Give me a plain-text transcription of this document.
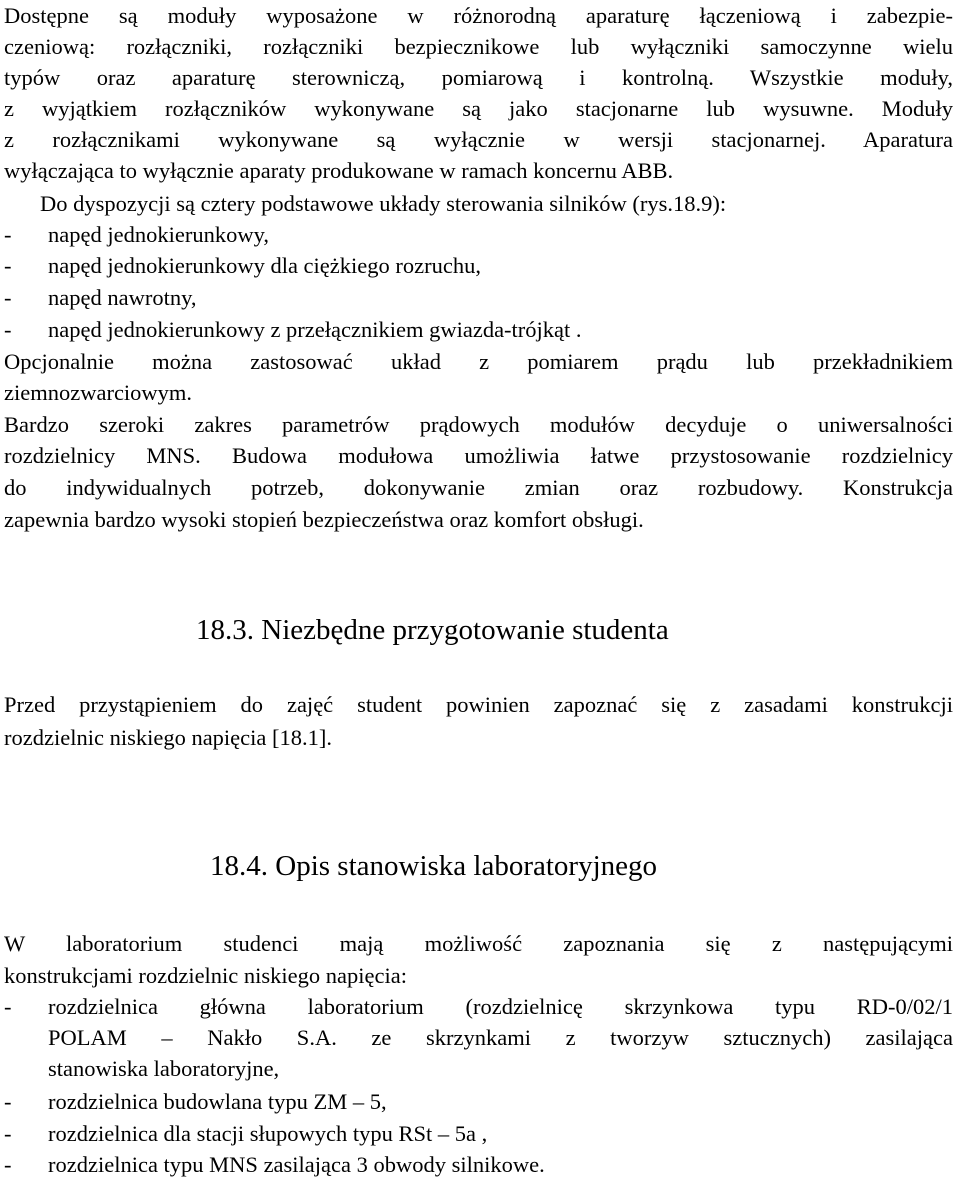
Dostępne są moduły wyposażone w różnorodną aparaturę łączeniową i zabezpie-
czeniową: rozłączniki, rozłączniki bezpiecznikowe lub wyłączniki samoczynne wielu
typów oraz aparaturę sterowniczą, pomiarową i kontrolną. Wszystkie moduły,
z wyjątkiem rozłączników wykonywane są jako stacjonarne lub wysuwne. Moduły
z rozłącznikami wykonywane są wyłącznie w wersji stacjonarnej. Aparatura
wyłączająca to wyłącznie aparaty produkowane w ramach koncernu ABB.
Do dyspozycji są cztery podstawowe układy sterowania silników (rys.18.9):
-	napęd jednokierunkowy,
-	napęd jednokierunkowy dla ciężkiego rozruchu,
-	napęd nawrotny,
-	napęd jednokierunkowy z przełącznikiem gwiazda-trójkąt .
Opcjonalnie można zastosować układ z pomiarem prądu lub przekładnikiem
ziemnozwarciowym.
Bardzo szeroki zakres parametrów prądowych modułów decyduje o uniwersalności
rozdzielnicy MNS. Budowa modułowa umożliwia łatwe przystosowanie rozdzielnicy
do indywidualnych potrzeb, dokonywanie zmian oraz rozbudowy. Konstrukcja
zapewnia bardzo wysoki stopień bezpieczeństwa oraz komfort obsługi.
18.3. Niezbędne przygotowanie studenta
Przed przystąpieniem do zajęć student powinien zapoznać się z zasadami konstrukcji
rozdzielnic niskiego napięcia [18.1].
18.4. Opis stanowiska laboratoryjnego
W laboratorium studenci mają możliwość zapoznania się z następującymi
konstrukcjami rozdzielnic niskiego napięcia:
-	rozdzielnica główna laboratorium (rozdzielnicę skrzynkowa typu RD-0/02/1
POLAM – Nakło S.A. ze skrzynkami z tworzyw sztucznych) zasilająca
stanowiska laboratoryjne,
-	rozdzielnica budowlana typu ZM – 5,
-	rozdzielnica dla stacji słupowych typu RSt – 5a ,
-	rozdzielnica typu MNS zasilająca 3 obwody silnikowe.
